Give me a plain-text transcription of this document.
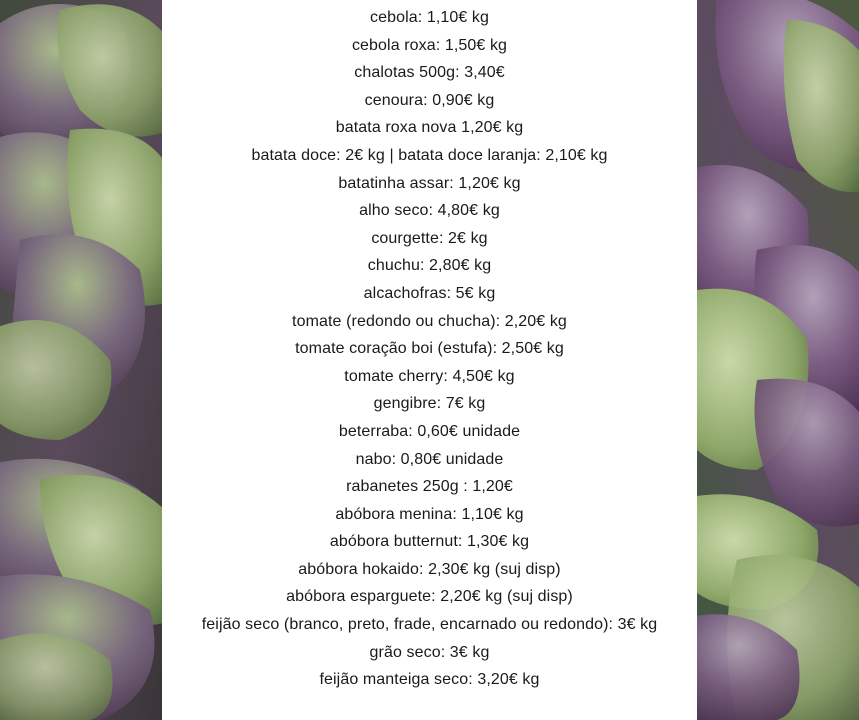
cebola: 1,10€ kg
cebola roxa: 1,50€ kg
chalotas 500g: 3,40€
cenoura: 0,90€ kg
batata roxa nova 1,20€ kg
batata doce: 2€ kg | batata doce laranja: 2,10€ kg
batatinha assar: 1,20€ kg
alho seco: 4,80€ kg
courgette: 2€ kg
chuchu: 2,80€ kg
alcachofras: 5€ kg
tomate (redondo ou chucha): 2,20€ kg
tomate coração boi (estufa): 2,50€ kg
tomate cherry: 4,50€ kg
gengibre: 7€ kg
beterraba: 0,60€ unidade
nabo: 0,80€ unidade
rabanetes 250g : 1,20€
abóbora menina: 1,10€ kg
abóbora butternut: 1,30€ kg
abóbora hokaido: 2,30€ kg (suj disp)
abóbora esparguete: 2,20€ kg (suj disp)
feijão seco (branco, preto, frade, encarnado ou redondo): 3€ kg
grão seco: 3€ kg
feijão manteiga seco: 3,20€ kg
